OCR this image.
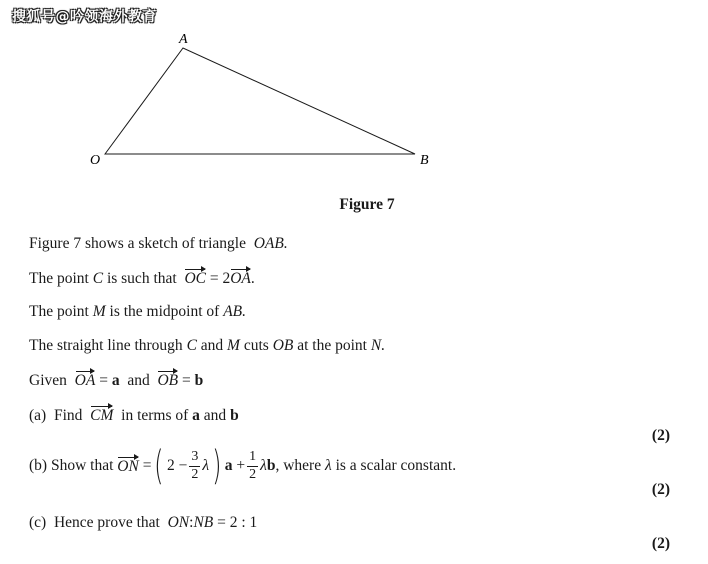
搜狐号@吟领海外教育
A
O	B
Figure 7
Figure 7 shows a sketch of triangle OAB.
The point C is such that OC = 2OA.
The point M is the midpoint of AB.
The straight line through C and M cuts OB at the point N.
Given OA = a and OB = b
(a) Find CM in terms of a and b
(2)
(b)
Show that
ON
= ( $2 - \frac{3}{2}$ λ ) a
+ $\frac{1}{2}$ λ b ,
where
λ
is a scalar constant.
(2)
(c) Hence prove that ON:NB = 2 : 1
(2)
